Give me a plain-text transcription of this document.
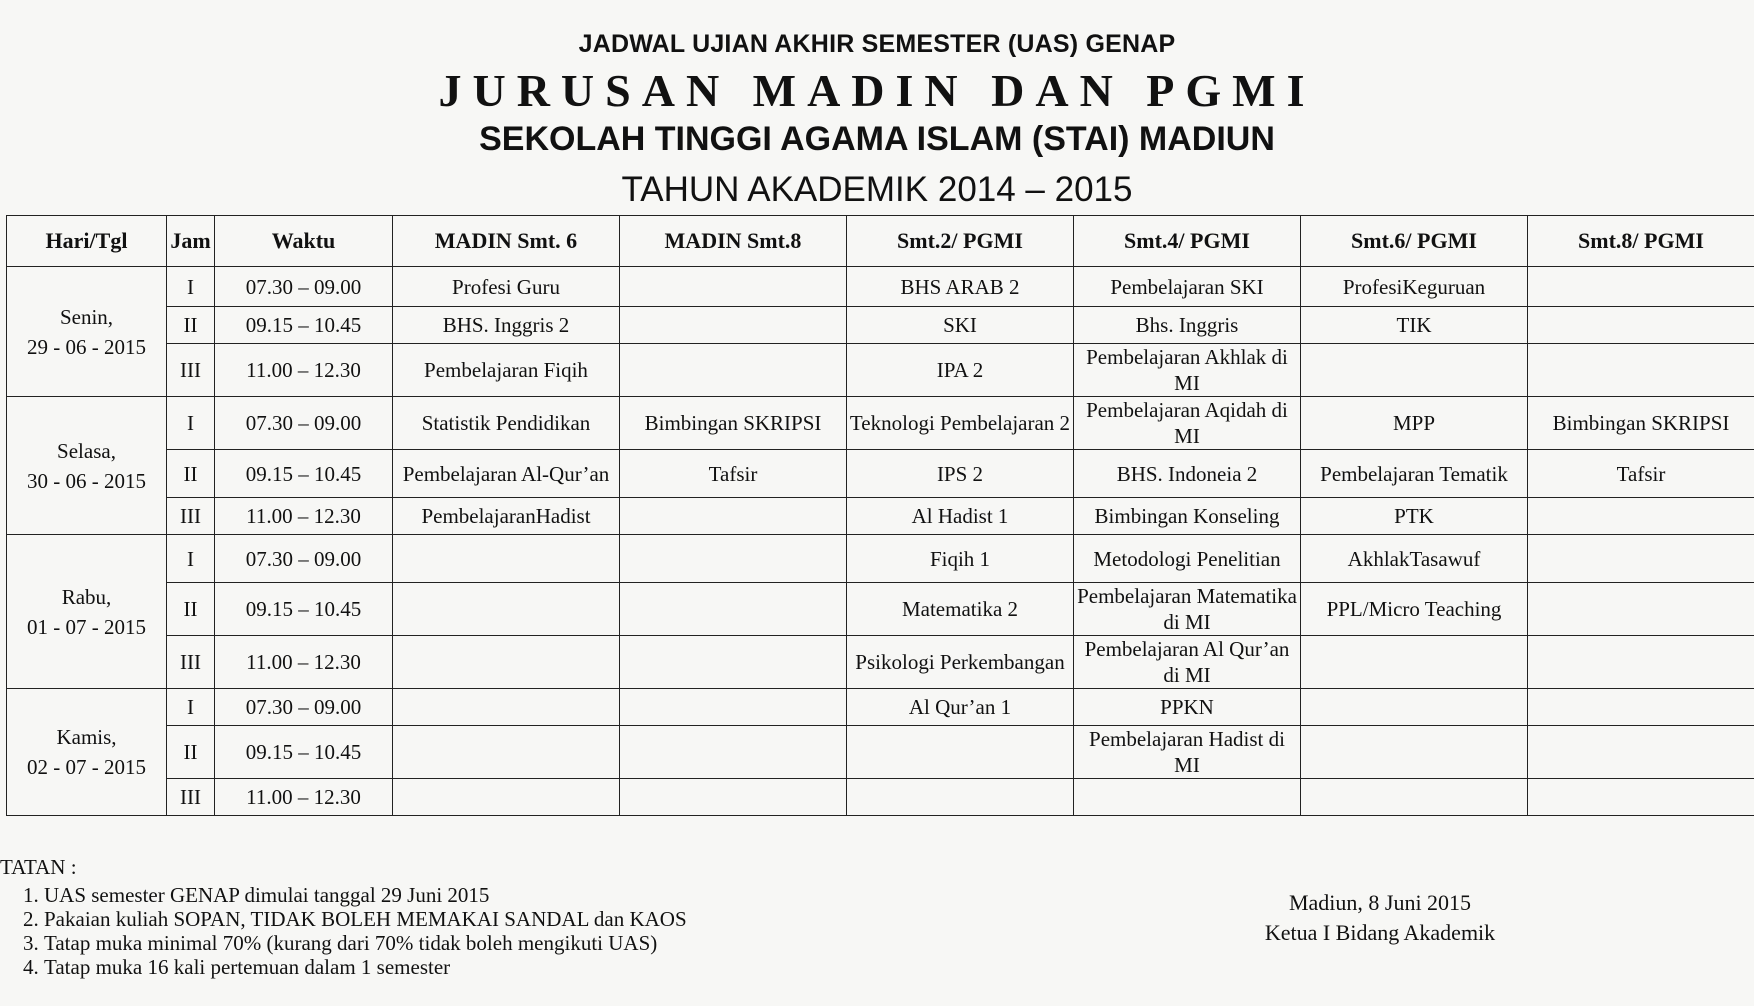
JADWAL UJIAN AKHIR SEMESTER (UAS) GENAP
JURUSAN MADIN DAN PGMI
SEKOLAH TINGGI AGAMA ISLAM (STAI) MADIUN
TAHUN AKADEMIK 2014 – 2015
Hari/Tgl	Jam	Waktu	MADIN Smt. 6	MADIN Smt.8	Smt.2/ PGMI	Smt.4/ PGMI	Smt.6/ PGMI	Smt.8/ PGMI

Senin,
29 - 06 - 2015	I	07.30 – 09.00	Profesi Guru		BHS ARAB 2	Pembelajaran SKI	ProfesiKeguruan	
	II	09.15 – 10.45	BHS. Inggris 2		SKI	Bhs. Inggris	TIK	
	III	11.00 – 12.30	Pembelajaran Fiqih		IPA 2	Pembelajaran Akhlak di MI		

Selasa,
30 - 06 - 2015	I	07.30 – 09.00	Statistik Pendidikan	Bimbingan SKRIPSI	Teknologi Pembelajaran 2	Pembelajaran Aqidah di MI	MPP	Bimbingan SKRIPSI
	II	09.15 – 10.45	Pembelajaran Al-Qur’an	Tafsir	IPS 2	BHS. Indoneia 2	Pembelajaran Tematik	Tafsir
	III	11.00 – 12.30	PembelajaranHadist		Al Hadist 1	Bimbingan Konseling	PTK	

Rabu,
01 - 07 - 2015	I	07.30 – 09.00			Fiqih 1	Metodologi Penelitian	AkhlakTasawuf	
	II	09.15 – 10.45			Matematika 2	Pembelajaran Matematika di MI	PPL/Micro Teaching	
	III	11.00 – 12.30			Psikologi Perkembangan	Pembelajaran Al Qur’an di MI		

Kamis,
02 - 07 - 2015	I	07.30 – 09.00			Al Qur’an 1	PPKN		
	II	09.15 – 10.45				Pembelajaran Hadist di MI		
	III	11.00 – 12.30						
TATAN :
1. UAS semester GENAP dimulai tanggal 29 Juni 2015
2. Pakaian kuliah SOPAN, TIDAK BOLEH MEMAKAI SANDAL dan KAOS
3. Tatap muka minimal 70% (kurang dari 70% tidak boleh mengikuti UAS)
4. Tatap muka 16 kali pertemuan dalam 1 semester
Madiun, 8 Juni 2015
Ketua I Bidang Akademik
